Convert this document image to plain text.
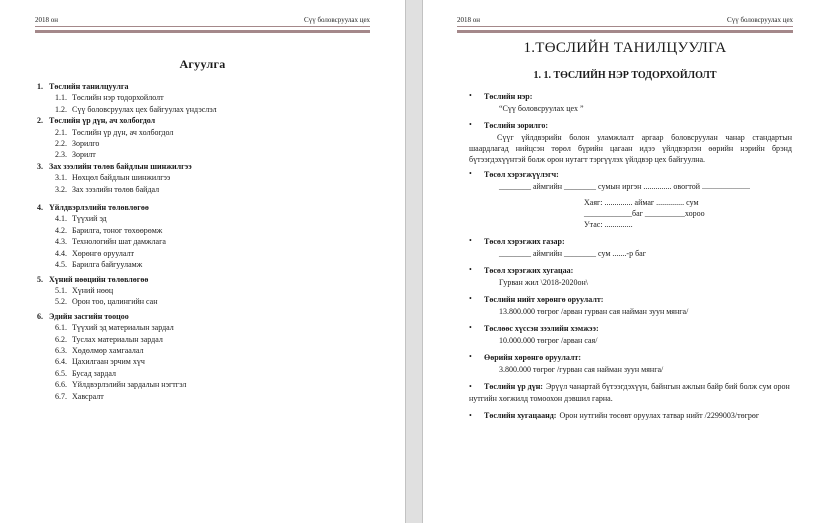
2018 он	Сүү боловсруулах цех
Агуулга
1. Төслийн танилцуулга
1.1. Төслийн нэр тодорхойлолт
1.2. Сүү боловсруулах цех байгуулах үндэслэл
2. Төслийн үр дүн, ач холбогдол
2.1. Төслийн үр дүн, ач холбогдол
2.2. Зорилго
2.3. Зорилт
3. Зах зээлийн төлөв байдлын шинжилгээ
3.1. Нөхцөл байдлын шинжилгээ
3.2. Зах зээлийн төлөв байдал
4. Үйлдвэрлэлийн төлөвлөгөө
4.1. Түүхий эд
4.2. Барилга, тоног төхөөрөмж
4.3. Технологийн шат дамжлага
4.4. Хөрөнгө оруулалт
4.5. Барилга байгууламж
5. Хүний нөөцийн төлөвлөгөө
5.1. Хүний нөөц
5.2. Орон тоо, цалингийн сан
6. Эдийн засгийн тооцоо
6.1. Түүхий эд материалын зардал
6.2. Туслах материалын зардал
6.3. Хөдөлмөр хамгаалал
6.4. Цахилгаан эрчим хүч
6.5. Бусад зардал
6.6. Үйлдвэрлэлийн зардалын нэгтгэл
6.7. Хавсралт
2018 он	Сүү боловсруулах цех
1.ТӨСЛИЙН ТАНИЛЦУУЛГА
1. 1. ТӨСЛИЙН НЭР ТОДОРХОЙЛОЛТ
• Төслийн нэр:
“Сүү боловсруулах цех ”
• Төслийн зорилго:
Сүүг үйлдвэрийн болон уламжлалт аргаар боловсруулан чанар стандартын шаардлагад нийцсэн төрөл бүрийн цагаан идээ үйлдвэрлэн өөрийн нэрийн брэнд бүтээгдэхүүнтэй болж орон нутагт тэргүүлэх үйлдвэр цех байгуулна.
• Төсөл хэрэгжүүлэгч:
________ аймгийн ________ сумын иргэн .............. овогтой ........................
Хаяг: .............. аймаг .............. сум
____________баг __________хороо
Утас: ..............
• Төсөл хэрэгжих газар:
________ аймгийн ________ сум .......-р баг
• Төсөл хэрэгжих хугацаа:
Гурван жил \2018-2020он\
• Төслийн нийт хөрөнгө оруулалт:
13.800.000 төгрөг /арван гурван сая найман зуун мянга/
• Төслөөс хүссэн зээлийн хэмжээ:
10.000.000 төгрөг /арван сая/
• Өөрийн хөрөнгө оруулалт:
3.800.000 төгрөг /гурван сая найман зуун мянга/
• Төслийн үр дүн: Эрүүл чанартай бүтээгдэхүүн, байнгын ажлын байр бий болж сум орон нутгийн хөгжилд томоохон дэвшил гарна.
• Төслийн хугацаанд: Орон нутгийн төсөвт оруулах татвар нийт /2299003/төгрөг
